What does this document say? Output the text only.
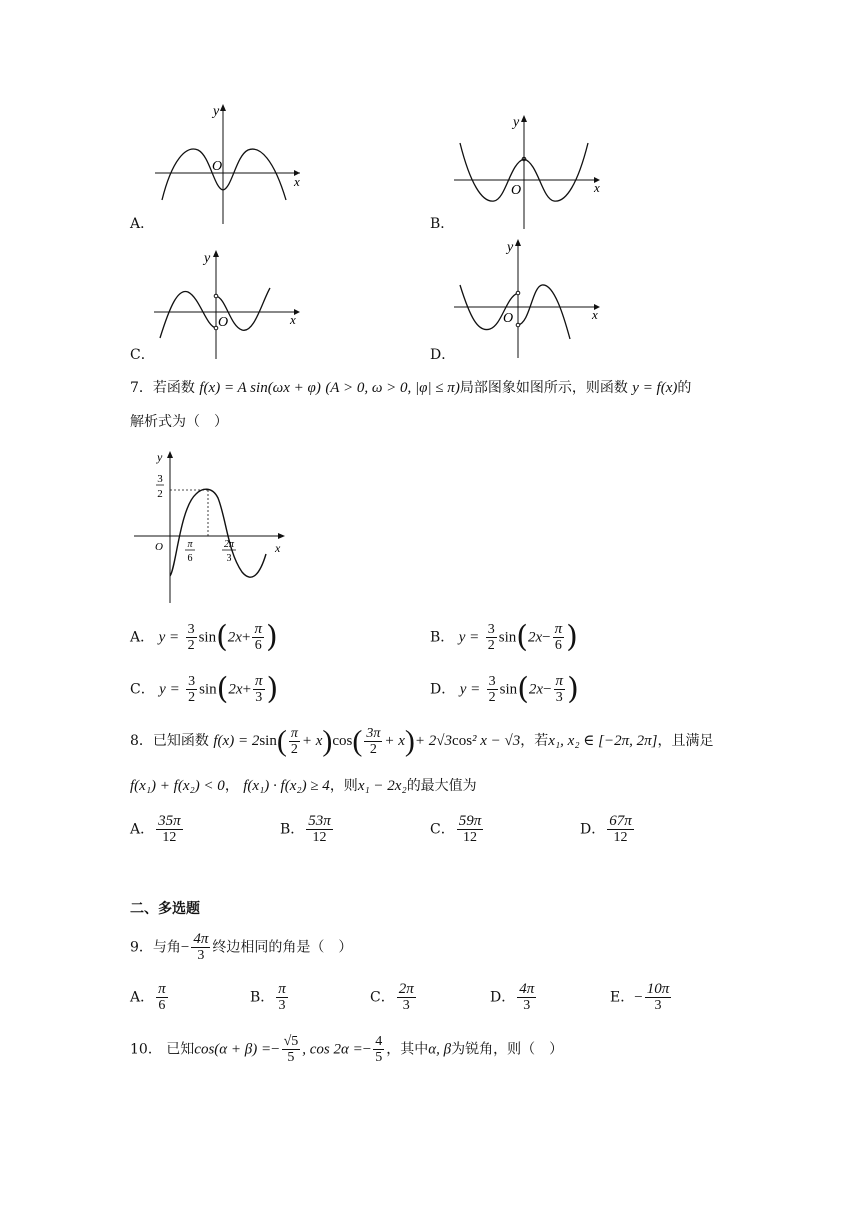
y
O
x
A．
y
O	x
B．
y
O	x
C．
y
O	x
D．
7．若函数 f(x) = A sin(ωx + φ) (A > 0, ω > 0, |φ| ≤ π)局部图象如图所示，则函数 y = f(x)的
解析式为（　）
y
x
O
3
2
π
6
2π
3
A． $y = \frac{3}{2} \sin(2x+ \frac{\pi}{6}$ )	B． $y = \frac{3}{2} \sin(2x- \frac{\pi}{6}$ )
C． $y = \frac{3}{2} \sin(2x+ \frac{\pi}{3}$ )	D． $y = \frac{3}{2} \sin(2x- \frac{\pi}{3}$ )
8．已知函数 $f(x) = 2\sin( \frac{\pi}{2} + x)\cos( \frac{3\pi}{2} + x)+ 2√3\cos^2$ x − √3，若x₁, x₂ ∈ [−2π, 2π]，且满足
f(x₁) + f(x₂) < 0， f(x₁) · f(x₂) ≥ 4，则x₁ − 2x₂的最大值为
A． $\frac{35\pi}{12}$	B． $\frac{53\pi}{12}$	C． $\frac{59\pi}{12}$	D． $\frac{67\pi}{12}$
二、多选题
9．与角− $\frac{4\pi}{3}$ 终边相同的角是（　）
A． $\frac{\pi}{6}$	B． $\frac{\pi}{3}$	C． $\frac{2\pi}{3}$	D． $\frac{4\pi}{3}$	E．− $\frac{10\pi}{3}$
10． 已知$\cos(\alpha + \beta) =- \frac{√5}{5}$ , $\cos 2\alpha =- \frac{4}{5}$ ，其中α, β为锐角，则（　）
